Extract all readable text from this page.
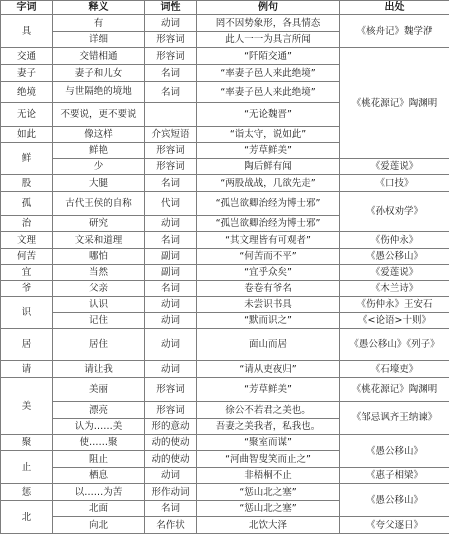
字词	释义	词性	例句	出处
具	有	动词	罔不因势象形，各具情态	《核舟记》魏学洢
	详细	形容词	此人一一为具言所闻	
交通	交错相通	形容词	“阡陌交通”	《桃花源记》陶渊明
妻子	妻子和儿女	名词	“率妻子邑人来此绝境”	
绝境	与世隔绝的境地	名词	“率妻子邑人来此绝境”	
无论	不要说，更不要说		“无论魏晋”	
如此	像这样	介宾短语	“诣太守，说如此”	
鲜	鲜艳	形容词	“芳草鲜美”	
	少	形容词	陶后鲜有闻	《爱莲说》
股	大腿	名词	“两股战战，几欲先走”	《口技》
孤	古代王侯的自称	代词	“孤岂欲卿治经为博士邪”	《孙权劝学》
治	研究	动词	“孤岂欲卿治经为博士邪”	
文理	文采和道理	名词	“其文理皆有可观者”	《伤仲永》
何苦	哪怕	副词	“何苦而不平”	《愚公移山》
宜	当然	副词	“宜乎众矣”	《爱莲说》
爷	父亲	名词	卷卷有爷名	《木兰诗》
识	认识	动词	未尝识书具	《伤仲永》王安石
	记住	动词	“默而识之”	《<论语>十则》
居	居住	动词	面山而居	《愚公移山》《列子》
请	请让我	动词	“请从吏夜归”	《石壕吏》
美	美丽	形容词	“芳草鲜美”	《桃花源记》陶渊明
	漂亮	形容词	徐公不若君之美也。	《邹忌讽齐王纳谏》
	认为……美	形的意动	吾妻之美我者，私我也。	
聚	使……聚	动的使动	“聚室而谋”	《愚公移山》
止	阻止	动的使动	“河曲智叟笑而止之”	
	栖息	动词	非梧桐不止	《惠子相梁》
惩	以……为苦	形作动词	“惩山北之塞”	《愚公移山》
北	北面	名词	“惩山北之塞”	
	向北	名作状	北饮大泽	《夸父逐日》
